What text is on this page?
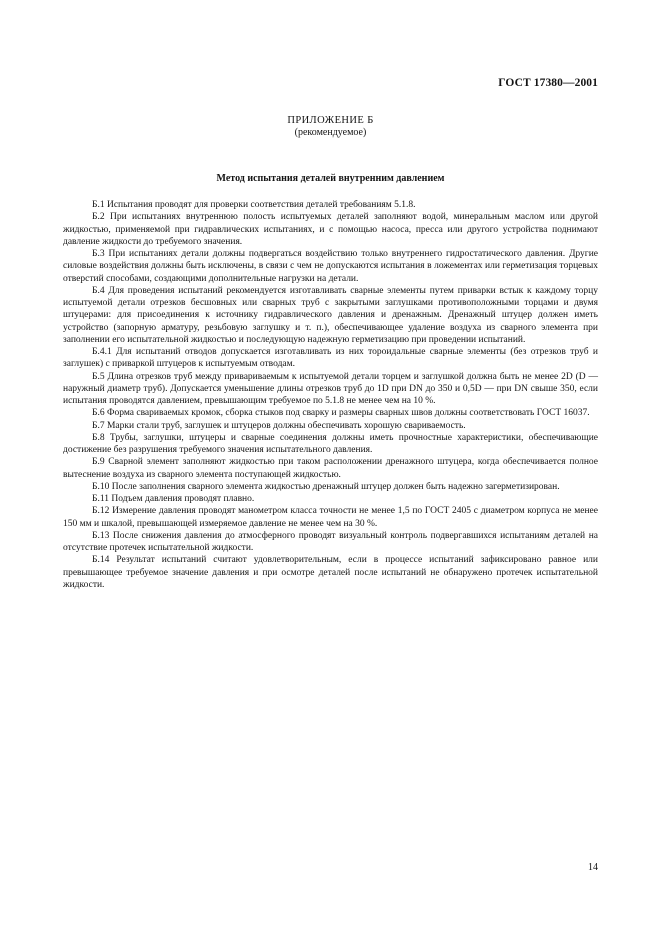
ГОСТ 17380—2001
ПРИЛОЖЕНИЕ Б
(рекомендуемое)
Метод испытания деталей внутренним давлением

Б.1 Испытания проводят для проверки соответствия деталей требованиям 5.1.8.

Б.2 При испытаниях внутреннюю полость испытуемых деталей заполняют водой, минеральным маслом или другой жидкостью, применяемой при гидравлических испытаниях, и с помощью насоса, пресса или другого устройства поднимают давление жидкости до требуемого значения.

Б.3 При испытаниях детали должны подвергаться воздействию только внутреннего гидростатического давления. Другие силовые воздействия должны быть исключены, в связи с чем не допускаются испытания в ложементах или герметизация торцевых отверстий способами, создающими дополнительные нагрузки на детали.

Б.4 Для проведения испытаний рекомендуется изготавливать сварные элементы путем приварки встык к каждому торцу испытуемой детали отрезков бесшовных или сварных труб с закрытыми заглушками противоположными торцами и двумя штуцерами: для присоединения к источнику гидравлического давления и дренажным. Дренажный штуцер должен иметь устройство (запорную арматуру, резьбовую заглушку и т. п.), обеспечивающее удаление воздуха из сварного элемента при заполнении его испытательной жидкостью и последующую надежную герметизацию при проведении испытаний.

Б.4.1 Для испытаний отводов допускается изготавливать из них тороидальные сварные элементы (без отрезков труб и заглушек) с приваркой штуцеров к испытуемым отводам.

Б.5 Длина отрезков труб между привариваемым к испытуемой детали торцем и заглушкой должна быть не менее 2D (D — наружный диаметр труб). Допускается уменьшение длины отрезков труб до 1D при DN до 350 и 0,5D — при DN свыше 350, если испытания проводятся давлением, превышающим требуемое по 5.1.8 не менее чем на 10 %.

Б.6 Форма свариваемых кромок, сборка стыков под сварку и размеры сварных швов должны соответствовать ГОСТ 16037.

Б.7 Марки стали труб, заглушек и штуцеров должны обеспечивать хорошую свариваемость.

Б.8 Трубы, заглушки, штуцеры и сварные соединения должны иметь прочностные характеристики, обеспечивающие достижение без разрушения требуемого значения испытательного давления.

Б.9 Сварной элемент заполняют жидкостью при таком расположении дренажного штуцера, когда обеспечивается полное вытеснение воздуха из сварного элемента поступающей жидкостью.

Б.10 После заполнения сварного элемента жидкостью дренажный штуцер должен быть надежно загерметизирован.

Б.11 Подъем давления проводят плавно.

Б.12 Измерение давления проводят манометром класса точности не менее 1,5 по ГОСТ 2405 с диаметром корпуса не менее 150 мм и шкалой, превышающей измеряемое давление не менее чем на 30 %.

Б.13 После снижения давления до атмосферного проводят визуальный контроль подвергавшихся испытаниям деталей на отсутствие протечек испытательной жидкости.

Б.14 Результат испытаний считают удовлетворительным, если в процессе испытаний зафиксировано равное или превышающее требуемое значение давления и при осмотре деталей после испытаний не обнаружено протечек испытательной жидкости.

14
